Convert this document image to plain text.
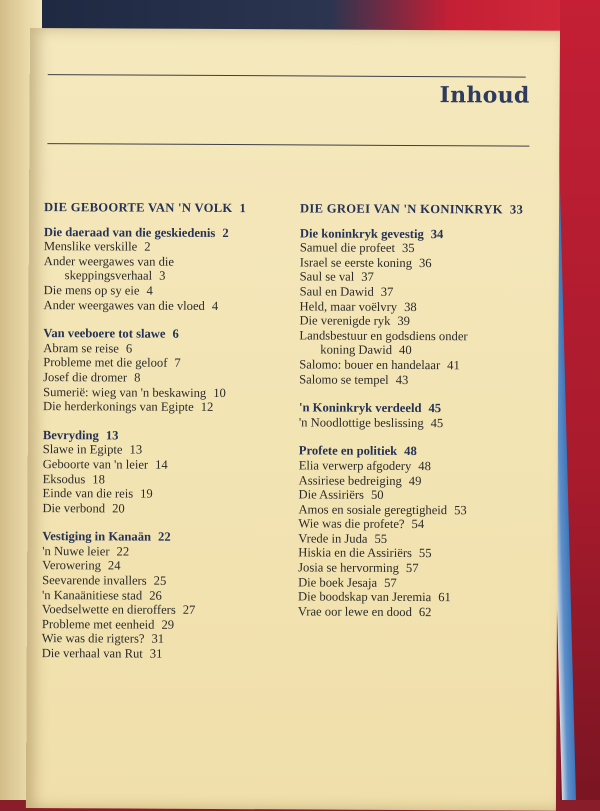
Inhoud
DIE GEBOORTE VAN 'N VOLK 1
Die daeraad van die geskiedenis 2
Menslike verskille 2
Ander weergawes van die
skeppingsverhaal 3
Die mens op sy eie 4
Ander weergawes van die vloed 4
Van veeboere tot slawe 6
Abram se reise 6
Probleme met die geloof 7
Josef die dromer 8
Sumerië: wieg van 'n beskawing 10
Die herderkonings van Egipte 12
Bevryding 13
Slawe in Egipte 13
Geboorte van 'n leier 14
Eksodus 18
Einde van die reis 19
Die verbond 20
Vestiging in Kanaän 22
'n Nuwe leier 22
Verowering 24
Seevarende invallers 25
'n Kanaänitiese stad 26
Voedselwette en dieroffers 27
Probleme met eenheid 29
Wie was die rigters? 31
Die verhaal van Rut 31
DIE GROEI VAN 'N KONINKRYK 33
Die koninkryk gevestig 34
Samuel die profeet 35
Israel se eerste koning 36
Saul se val 37
Saul en Dawid 37
Held, maar voëlvry 38
Die verenigde ryk 39
Landsbestuur en godsdiens onder
koning Dawid 40
Salomo: bouer en handelaar 41
Salomo se tempel 43
'n Koninkryk verdeeld 45
'n Noodlottige beslissing 45
Profete en politiek 48
Elia verwerp afgodery 48
Assiriese bedreiging 49
Die Assiriërs 50
Amos en sosiale geregtigheid 53
Wie was die profete? 54
Vrede in Juda 55
Hiskia en die Assiriërs 55
Josia se hervorming 57
Die boek Jesaja 57
Die boodskap van Jeremia 61
Vrae oor lewe en dood 62
